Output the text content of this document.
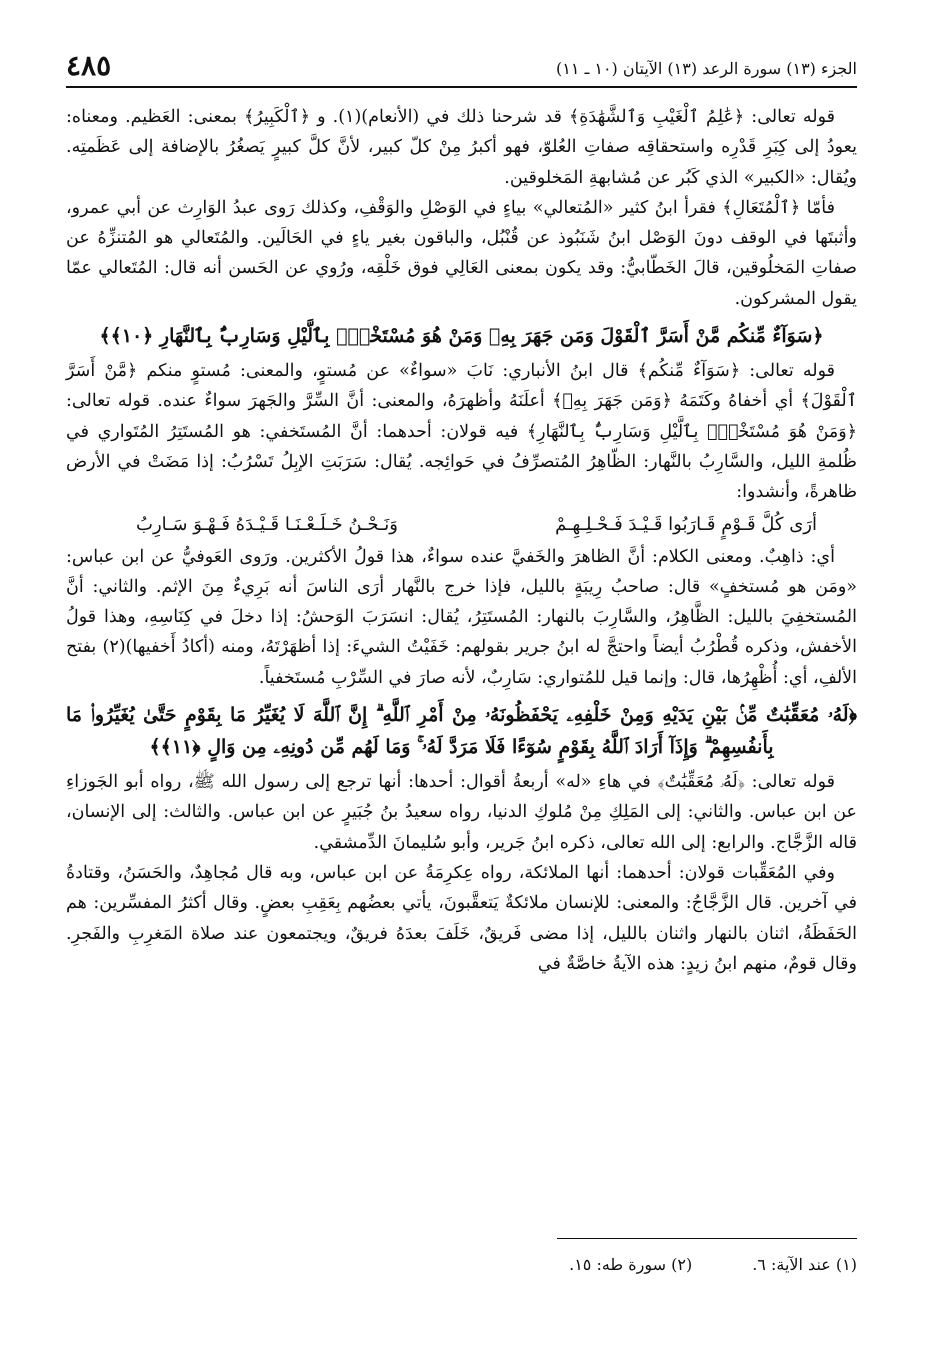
الجزء (١٣) سورة الرعد (١٣) الآيتان (١٠ ـ ١١)
٤٨٥

قوله تعالى: ﴿عَٰلِمُ ٱلْغَيْبِ وَٱلشَّهَٰدَةِ﴾ قد شرحنا ذلك في (الأنعام)(١). و ﴿ٱلْكَبِيرُ﴾ بمعنى: العَظيم. ومعناه: يعودُ إلى كِبَرِ قَدْرِه واستحقاقِه صفاتِ العُلوّ، فهو أكبرُ مِنْ كلّ كبير، لأنَّ كلَّ كبيرٍ يَصغُرُ بالإضافة إلى عَظَمتِه. ويُقال: «الكبير» الذي كَبُر عن مُشابهةِ المَخلوقين.

فأمّا ﴿ٱلْمُتَعَالِ﴾ فقرأ ابنُ كثير «المُتعالي» بياءٍ في الوَصْلِ والوَقْفِ، وكذلك رَوى عبدُ الوَارِث عن أبي عمرو، وأثبتَها في الوقف دونَ الوَصْل ابنُ شَنَبُوذ عن قُنْبُل، والباقون بغير ياءٍ في الحَالَين. والمُتَعالي هو المُتنزِّهُ عن صفاتِ المَخلُوقين، قالَ الخَطّابيُّ: وقد يكون بمعنى العَالِي فوق خَلْقِه، ورُوي عن الحَسن أنه قال: المُتَعالي عمّا يقول المشركون.

﴿سَوَآءٌ مِّنكُم مَّنْ أَسَرَّ ٱلْقَوْلَ وَمَن جَهَرَ بِهِۦ وَمَنْ هُوَ مُسْتَخْفٍۭ بِٱلَّيْلِ وَسَارِبٌۢ بِٱلنَّهَارِ ﴿١٠﴾﴾

قوله تعالى: ﴿سَوَآءٌ مِّنكُم﴾ قال ابنُ الأنباري: نَابَ «سواءٌ» عن مُستوٍ، والمعنى: مُستوٍ منكم ﴿مَّنْ أَسَرَّ ٱلْقَوْلَ﴾ أي أخفاهُ وكَتَمَهُ ﴿وَمَن جَهَرَ بِهِۦ﴾ أعلَنَهُ وأظهرَهُ، والمعنى: أنَّ السِّرَّ والجَهرَ سواءٌ عنده. قوله تعالى: ﴿وَمَنْ هُوَ مُسْتَخْفٍۭ بِٱلَّيْلِ وَسَارِبٌۢ بِٱلنَّهَارِ﴾ فيه قولان: أحدهما: أنَّ المُستَخفي: هو المُستَتِرُ المُتَواري في ظُلمةِ الليل، والسَّارِبُ بالنَّهار: الظّاهِرُ المُتصرِّفُ في حَوائِجه. يُقال: سَرَبَتِ الإبِلُ تَسْرُبُ: إذا مَضَتْ في الأرض ظاهرةً، وأنشدوا:

أرَى كُلَّ قَـوْمٍ قَـارَبُوا قَـيْـدَ فَـحْـلِـهِـمْ
وَنَـحْـنُ خَـلَـعْـنَـا قَـيْـدَهُ فَـهْـوَ سَـارِبُ

أي: ذاهِبٌ. ومعنى الكلام: أنَّ الظاهرَ والخَفيَّ عنده سواءٌ، هذا قولُ الأكثرين. ورَوى العَوفيُّ عن ابن عباس: «ومَن هو مُستخفٍ» قال: صاحبُ رِيبَةٍ بالليل، فإذا خرج بالنَّهار أرَى الناسَ أنه بَرِيءٌ مِنَ الإثم. والثاني: أنَّ المُستخفِيَ بالليل: الظَّاهِرُ، والسَّارِبَ بالنهار: المُستَتِرُ، يُقال: انسَرَبَ الوَحشُ: إذا دخلَ في كِنَاسِهِ، وهذا قولُ الأخفش، وذكره قُطْرُبُ أيضاً واحتجَّ له ابنُ جرير بقولهم: خَفَيْتُ الشيءَ: إذا أظهَرْتَهُ، ومنه (أكادُ أَخفيها)(٢) بفتح الألفِ، أي: أُظْهِرُها، قال: وإنما قيل للمُتواري: سَارِبٌ، لأنه صارَ في السِّرْبِ مُستَخفياً.

﴿لَهُۥ مُعَقِّبَٰتٌ مِّنۢ بَيْنِ يَدَيْهِ وَمِنْ خَلْفِهِۦ يَحْفَظُونَهُۥ مِنْ أَمْرِ ٱللَّهِ ۗ إِنَّ ٱللَّهَ لَا يُغَيِّرُ مَا بِقَوْمٍ حَتَّىٰ يُغَيِّرُوا۟ مَا بِأَنفُسِهِمْ ۗ وَإِذَآ أَرَادَ ٱللَّهُ بِقَوْمٍ سُوٓءًا فَلَا مَرَدَّ لَهُۥ ۚ وَمَا لَهُم مِّن دُونِهِۦ مِن وَالٍ ﴿١١﴾﴾

قوله تعالى: ﴿لَهُۥ مُعَقِّبَٰتٌ﴾ في هاءِ «له» أربعةُ أقوال: أحدها: أنها ترجع إلى رسول الله ﷺ، رواه أبو الجَوزاءِ عن ابن عباس. والثاني: إلى المَلِكِ مِنْ مُلوكِ الدنيا، رواه سعيدُ بنُ جُبَيرٍ عن ابن عباس. والثالث: إلى الإنسان، قاله الزَّجَّاج. والرابع: إلى الله تعالى، ذكره ابنُ جَرير، وأبو سُليمانَ الدِّمشقي.

وفي المُعَقِّبات قولان: أحدهما: أنها الملائكة، رواه عِكرِمَةُ عن ابن عباس، وبه قال مُجاهِدٌ، والحَسَنُ، وقتادةُ في آخرين. قال الزَّجَّاجُ: والمعنى: للإنسان ملائكةٌ يَتعقَّبونَ، يأتي بعضُهم بِعَقِبِ بعضٍ. وقال أكثرُ المفسِّرين: هم الحَفَظَةُ، اثنان بالنهار واثنان بالليل، إذا مضى فَريقٌ، خَلَفَ بعدَهُ فريقٌ، ويجتمعون عند صلاة المَغرِبِ والفَجرِ. وقال قومٌ، منهم ابنُ زيدٍ: هذه الآيةُ خاصَّةٌ في

(١) عند الآية: ٦.
(٢) سورة طه: ١٥.
